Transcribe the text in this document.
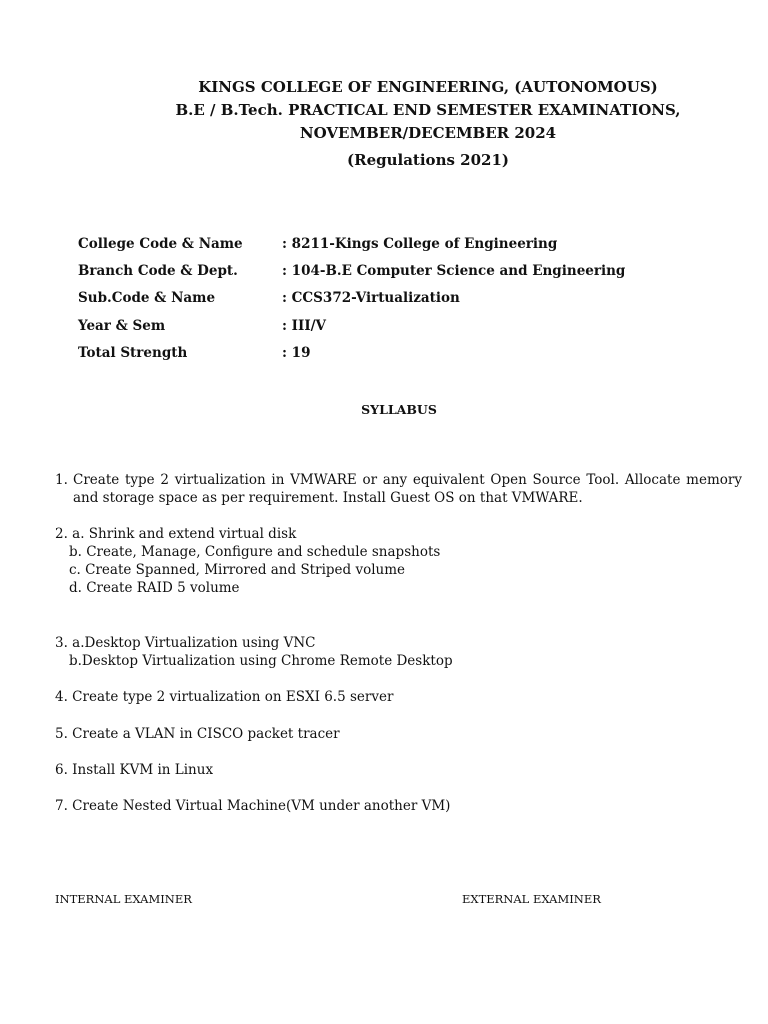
KINGS COLLEGE OF ENGINEERING, (AUTONOMOUS)
B.E / B.Tech. PRACTICAL END SEMESTER EXAMINATIONS,
NOVEMBER/DECEMBER 2024
(Regulations 2021)
College Code & Name	: 8211-Kings College of Engineering
Branch Code & Dept.	: 104-B.E Computer Science and Engineering
Sub.Code & Name	: CCS372-Virtualization
Year & Sem	: III/V
Total Strength	: 19
SYLLABUS
1. Create type 2 virtualization in VMWARE or any equivalent Open Source Tool. Allocate memory and storage space as per requirement. Install Guest OS on that VMWARE.
2. a. Shrink and extend virtual disk
b. Create, Manage, Configure and schedule snapshots
c. Create Spanned, Mirrored and Striped volume
d. Create RAID 5 volume
3. a.Desktop Virtualization using VNC
b.Desktop Virtualization using Chrome Remote Desktop
4. Create type 2 virtualization on ESXI 6.5 server
5. Create a VLAN in CISCO packet tracer
6. Install KVM in Linux
7. Create Nested Virtual Machine(VM under another VM)
INTERNAL EXAMINER	EXTERNAL EXAMINER
